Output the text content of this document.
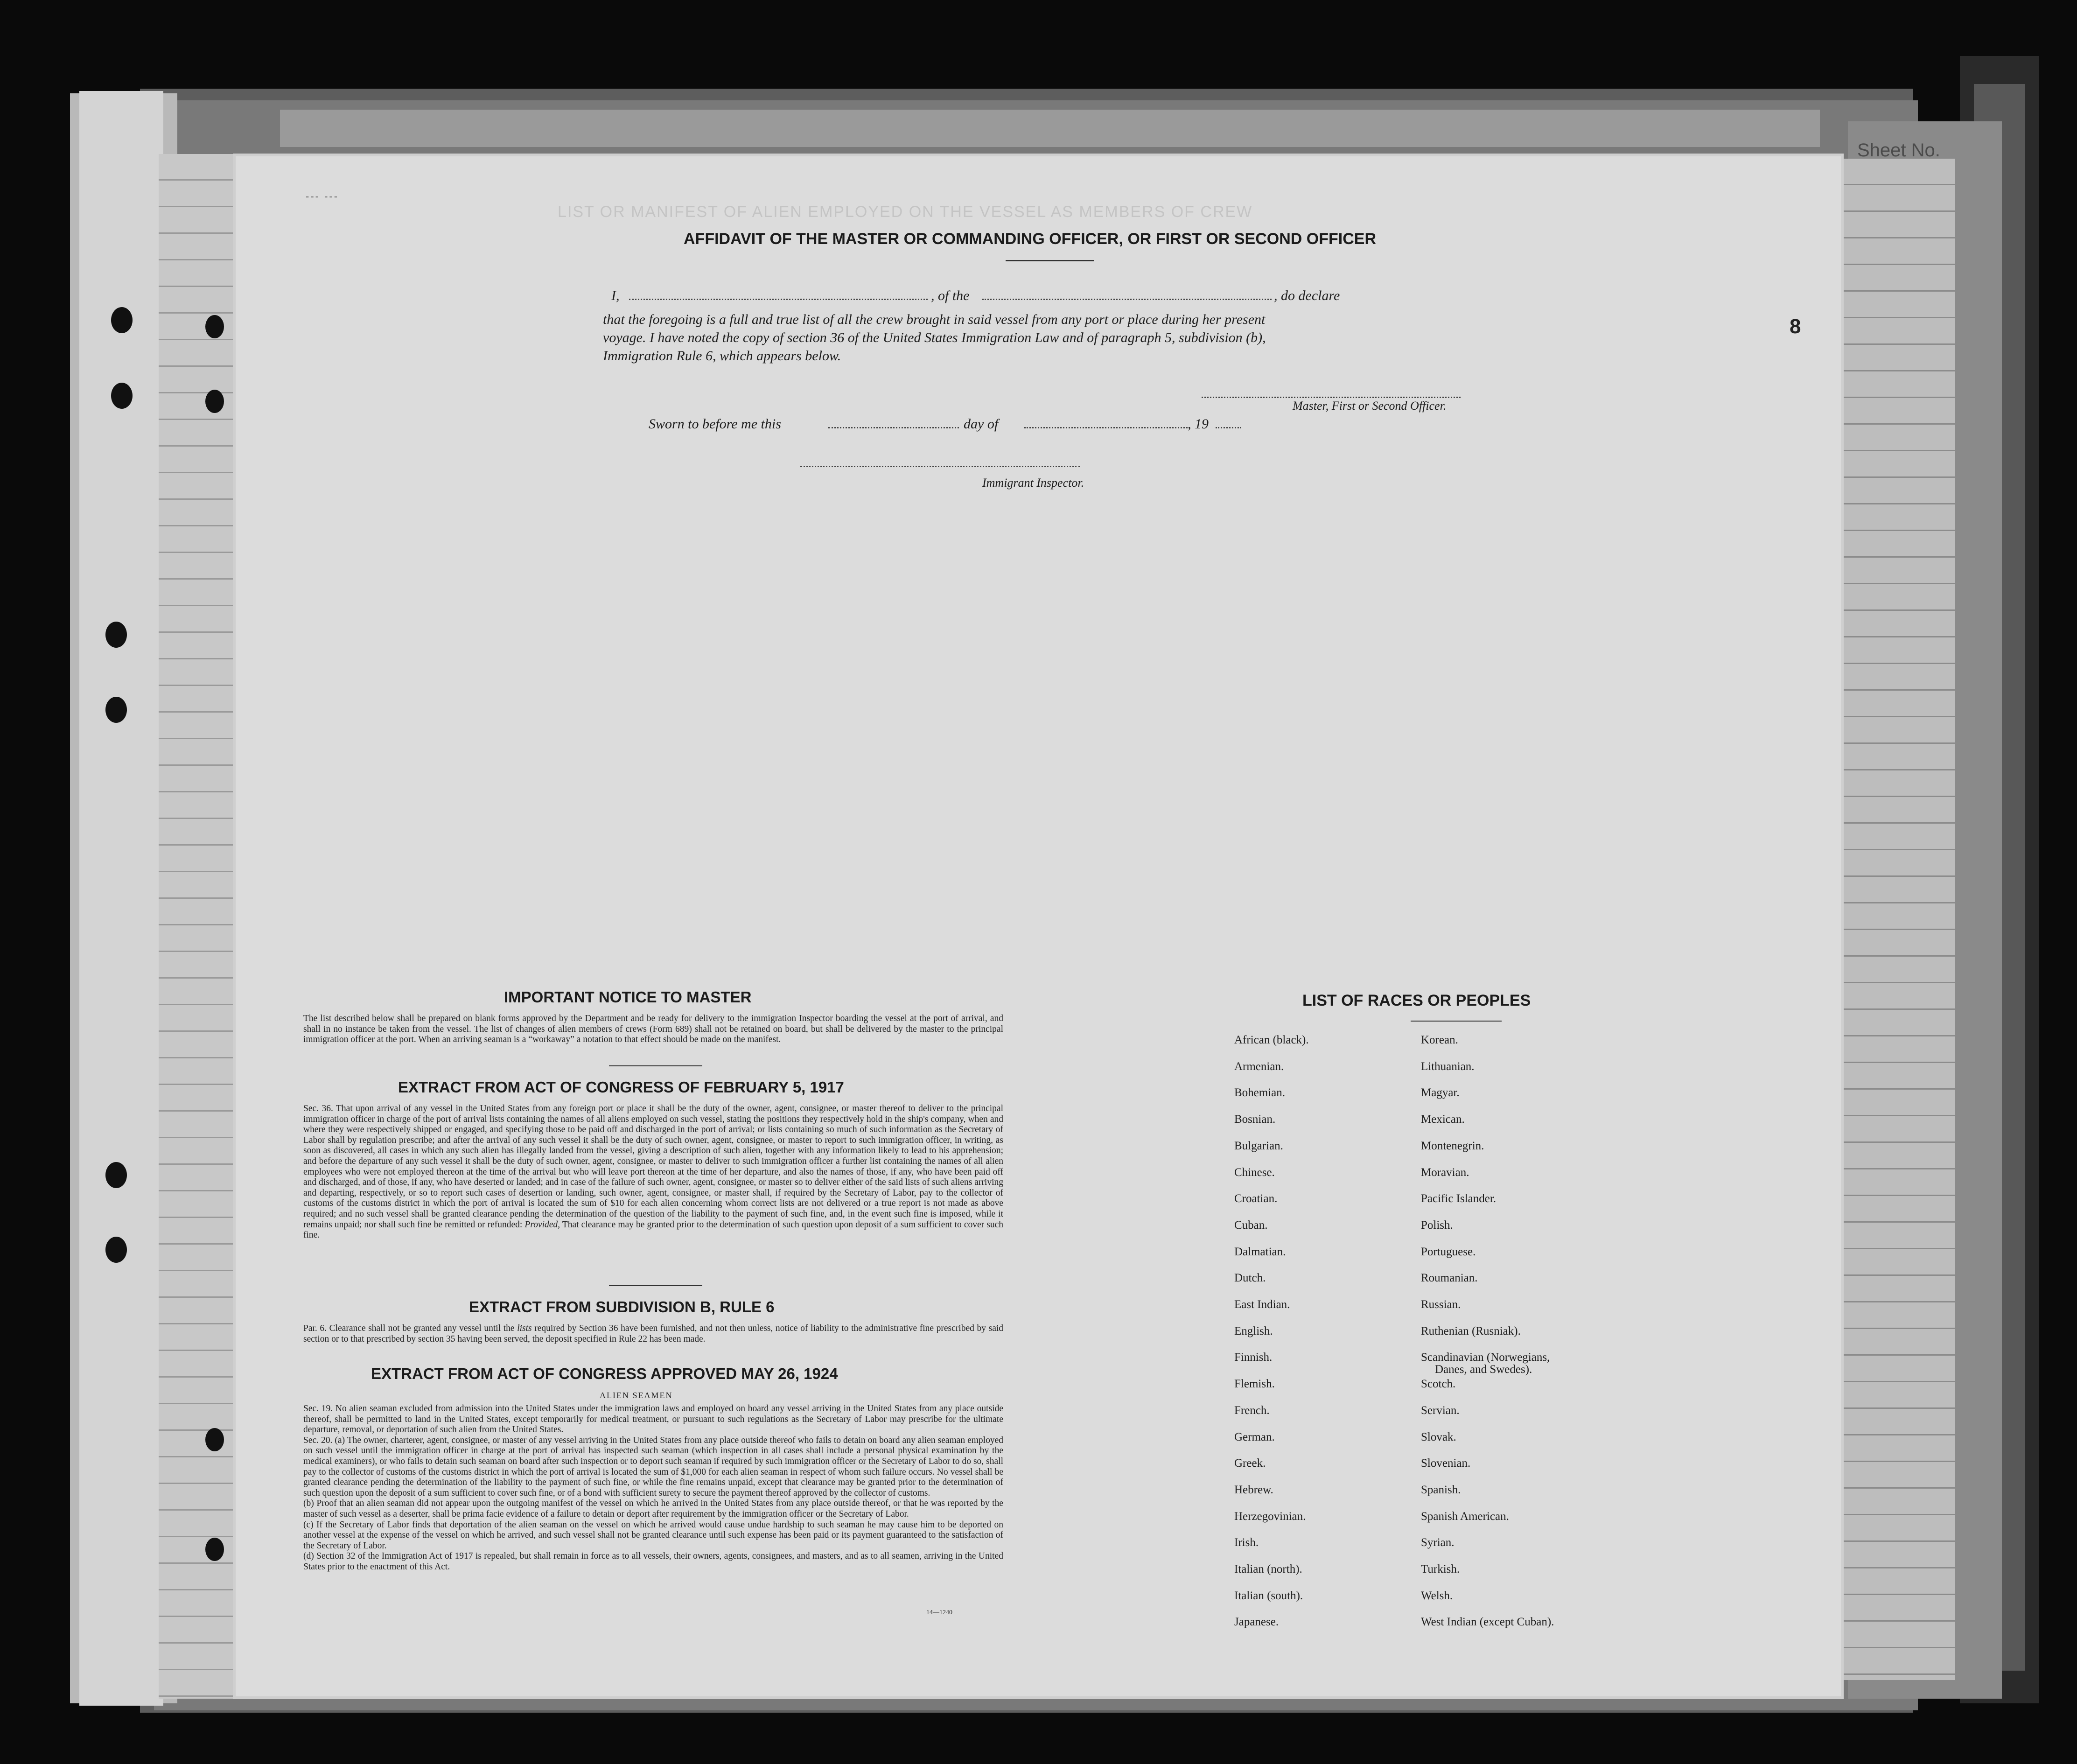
Sheet No.
LIST OR MANIFEST OF ALIEN EMPLOYED ON THE VESSEL AS MEMBERS OF CREW
--- ---
8
AFFIDAVIT OF THE MASTER OR COMMANDING OFFICER, OR FIRST OR SECOND OFFICER
I,	, of the	, do declare
that the foregoing is a full and true list of all the crew brought in said vessel from any port or place during her present
voyage. I have noted the copy of section 36 of the United States Immigration Law and of paragraph 5, subdivision (b),
Immigration Rule 6, which appears below.
Master, First or Second Officer.
Sworn to before me this	day of	, 19
Immigrant Inspector.
IMPORTANT NOTICE TO MASTER
The list described below shall be prepared on blank forms approved by the Department and be ready for delivery to the immigration Inspector boarding the vessel at the port of arrival, and shall in no instance be taken from the vessel. The list of changes of alien members of crews (Form 689) shall not be retained on board, but shall be delivered by the master to the principal immigration officer at the port. When an arriving seaman is a “workaway” a notation to that effect should be made on the manifest.
EXTRACT FROM ACT OF CONGRESS OF FEBRUARY 5, 1917

Sec. 36. That upon arrival of any vessel in the United States from any foreign port or place it shall be the duty of the owner, agent, consignee, or master thereof to deliver to the principal immigration officer in charge of the port of arrival lists containing the names of all aliens employed on such vessel, stating the positions they respectively hold in the ship's company, when and where they were respectively shipped or engaged, and specifying those to be paid off and discharged in the port of arrival; or lists containing so much of such information as the Secretary of Labor shall by regulation prescribe; and after the arrival of any such vessel it shall be the duty of such owner, agent, consignee, or master to report to such immigration officer, in writing, as soon as discovered, all cases in which any such alien has illegally landed from the vessel, giving a description of such alien, together with any information likely to lead to his apprehension; and before the departure of any such vessel it shall be the duty of such owner, agent, consignee, or master to deliver to such immigration officer a further list containing the names of all alien employees who were not employed thereon at the time of the arrival but who will leave port thereon at the time of her departure, and also the names of those, if any, who have been paid off and discharged, and of those, if any, who have deserted or landed; and in case of the failure of such owner, agent, consignee, or master so to deliver either of the said lists of such aliens arriving and departing, respectively, or so to report such cases of desertion or landing, such owner, agent, consignee, or master shall, if required by the Secretary of Labor, pay to the collector of customs of the customs district in which the port of arrival is located the sum of $10 for each alien concerning whom correct lists are not delivered or a true report is not made as above required; and no such vessel shall be granted clearance pending the determination of the question of the liability to the payment of such fine, and, in the event such fine is imposed, while it remains unpaid; nor shall such fine be remitted or refunded: Provided, That clearance may be granted prior to the determination of such question upon deposit of a sum sufficient to cover such fine.

EXTRACT FROM SUBDIVISION B, RULE 6

Par. 6. Clearance shall not be granted any vessel until the lists required by Section 36 have been furnished, and not then unless, notice of liability to the administrative fine prescribed by said section or to that prescribed by section 35 having been served, the deposit specified in Rule 22 has been made.

EXTRACT FROM ACT OF CONGRESS APPROVED MAY 26, 1924
ALIEN SEAMEN

Sec. 19. No alien seaman excluded from admission into the United States under the immigration laws and employed on board any vessel arriving in the United States from any place outside thereof, shall be permitted to land in the United States, except temporarily for medical treatment, or pursuant to such regulations as the Secretary of Labor may prescribe for the ultimate departure, removal, or deportation of such alien from the United States.

Sec. 20. (a) The owner, charterer, agent, consignee, or master of any vessel arriving in the United States from any place outside thereof who fails to detain on board any alien seaman employed on such vessel until the immigration officer in charge at the port of arrival has inspected such seaman (which inspection in all cases shall include a personal physical examination by the medical examiners), or who fails to detain such seaman on board after such inspection or to deport such seaman if required by such immigration officer or the Secretary of Labor to do so, shall pay to the collector of customs of the customs district in which the port of arrival is located the sum of $1,000 for each alien seaman in respect of whom such failure occurs. No vessel shall be granted clearance pending the determination of the liability to the payment of such fine, or while the fine remains unpaid, except that clearance may be granted prior to the determination of such question upon the deposit of a sum sufficient to cover such fine, or of a bond with sufficient surety to secure the payment thereof approved by the collector of customs.

(b) Proof that an alien seaman did not appear upon the outgoing manifest of the vessel on which he arrived in the United States from any place outside thereof, or that he was reported by the master of such vessel as a deserter, shall be prima facie evidence of a failure to detain or deport after requirement by the immigration officer or the Secretary of Labor.

(c) If the Secretary of Labor finds that deportation of the alien seaman on the vessel on which he arrived would cause undue hardship to such seaman he may cause him to be deported on another vessel at the expense of the vessel on which he arrived, and such vessel shall not be granted clearance until such expense has been paid or its payment guaranteed to the satisfaction of the Secretary of Labor.

(d) Section 32 of the Immigration Act of 1917 is repealed, but shall remain in force as to all vessels, their owners, agents, consignees, and masters, and as to all seamen, arriving in the United States prior to the enactment of this Act.

14—1240
LIST OF RACES OR PEOPLES
African (black).
Armenian.
Bohemian.
Bosnian.
Bulgarian.
Chinese.
Croatian.
Cuban.
Dalmatian.
Dutch.
East Indian.
English.
Finnish.
Flemish.
French.
German.
Greek.
Hebrew.
Herzegovinian.
Irish.
Italian (north).
Italian (south).
Japanese.
Korean.
Lithuanian.
Magyar.
Mexican.
Montenegrin.
Moravian.
Pacific Islander.
Polish.
Portuguese.
Roumanian.
Russian.
Ruthenian (Rusniak).
Scandinavian (Norwegians,
Danes, and Swedes).
Scotch.
Servian.
Slovak.
Slovenian.
Spanish.
Spanish American.
Syrian.
Turkish.
Welsh.
West Indian (except Cuban).
